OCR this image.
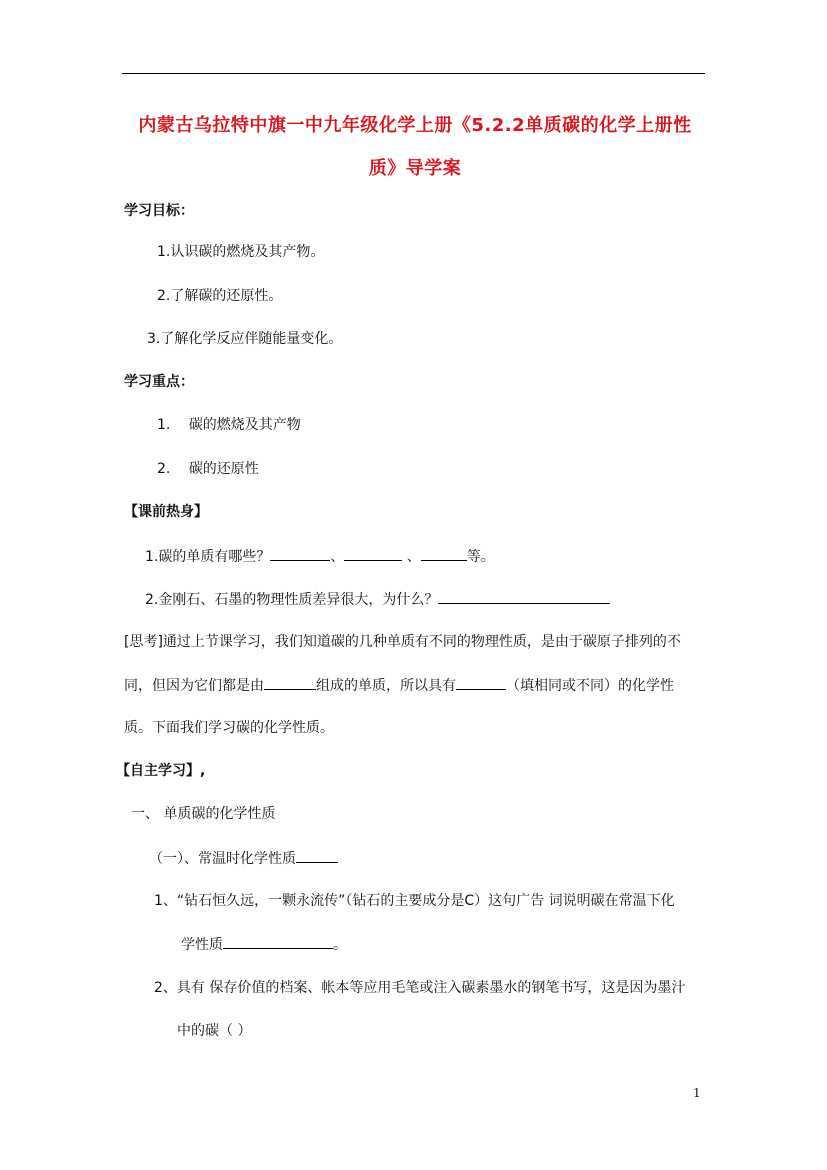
内蒙古乌拉特中旗一中九年级化学上册《5.2.2单质碳的化学上册性
质》导学案
学习目标：
1.认识碳的燃烧及其产物。
2.了解碳的还原性。
3.了解化学反应伴随能量变化。
学习重点：
1. 碳的燃烧及其产物
2. 碳的还原性
【课前热身】
1.碳的单质有哪些？	、	、	等。
2.金刚石、石墨的物理性质差异很大，为什么？
[思考]通过上节课学习，我们知道碳的几种单质有不同的物理性质，是由于碳原子排列的不
同，但因为它们都是由	组成的单质，所以具有	（填相同或不同）的化学性
质。下面我们学习碳的化学性质。
【自主学习】,
一、 单质碳的化学性质
（一）、常温时化学性质
1、“钻石恒久远，一颗永流传”（钻石的主要成分是C）这句广告 词说明碳在常温下化
学性质	。
2、具有 保存价值的档案、帐本等应用毛笔或注入碳素墨水的钢笔书写，这是因为墨汁
中的碳（ ）
1
